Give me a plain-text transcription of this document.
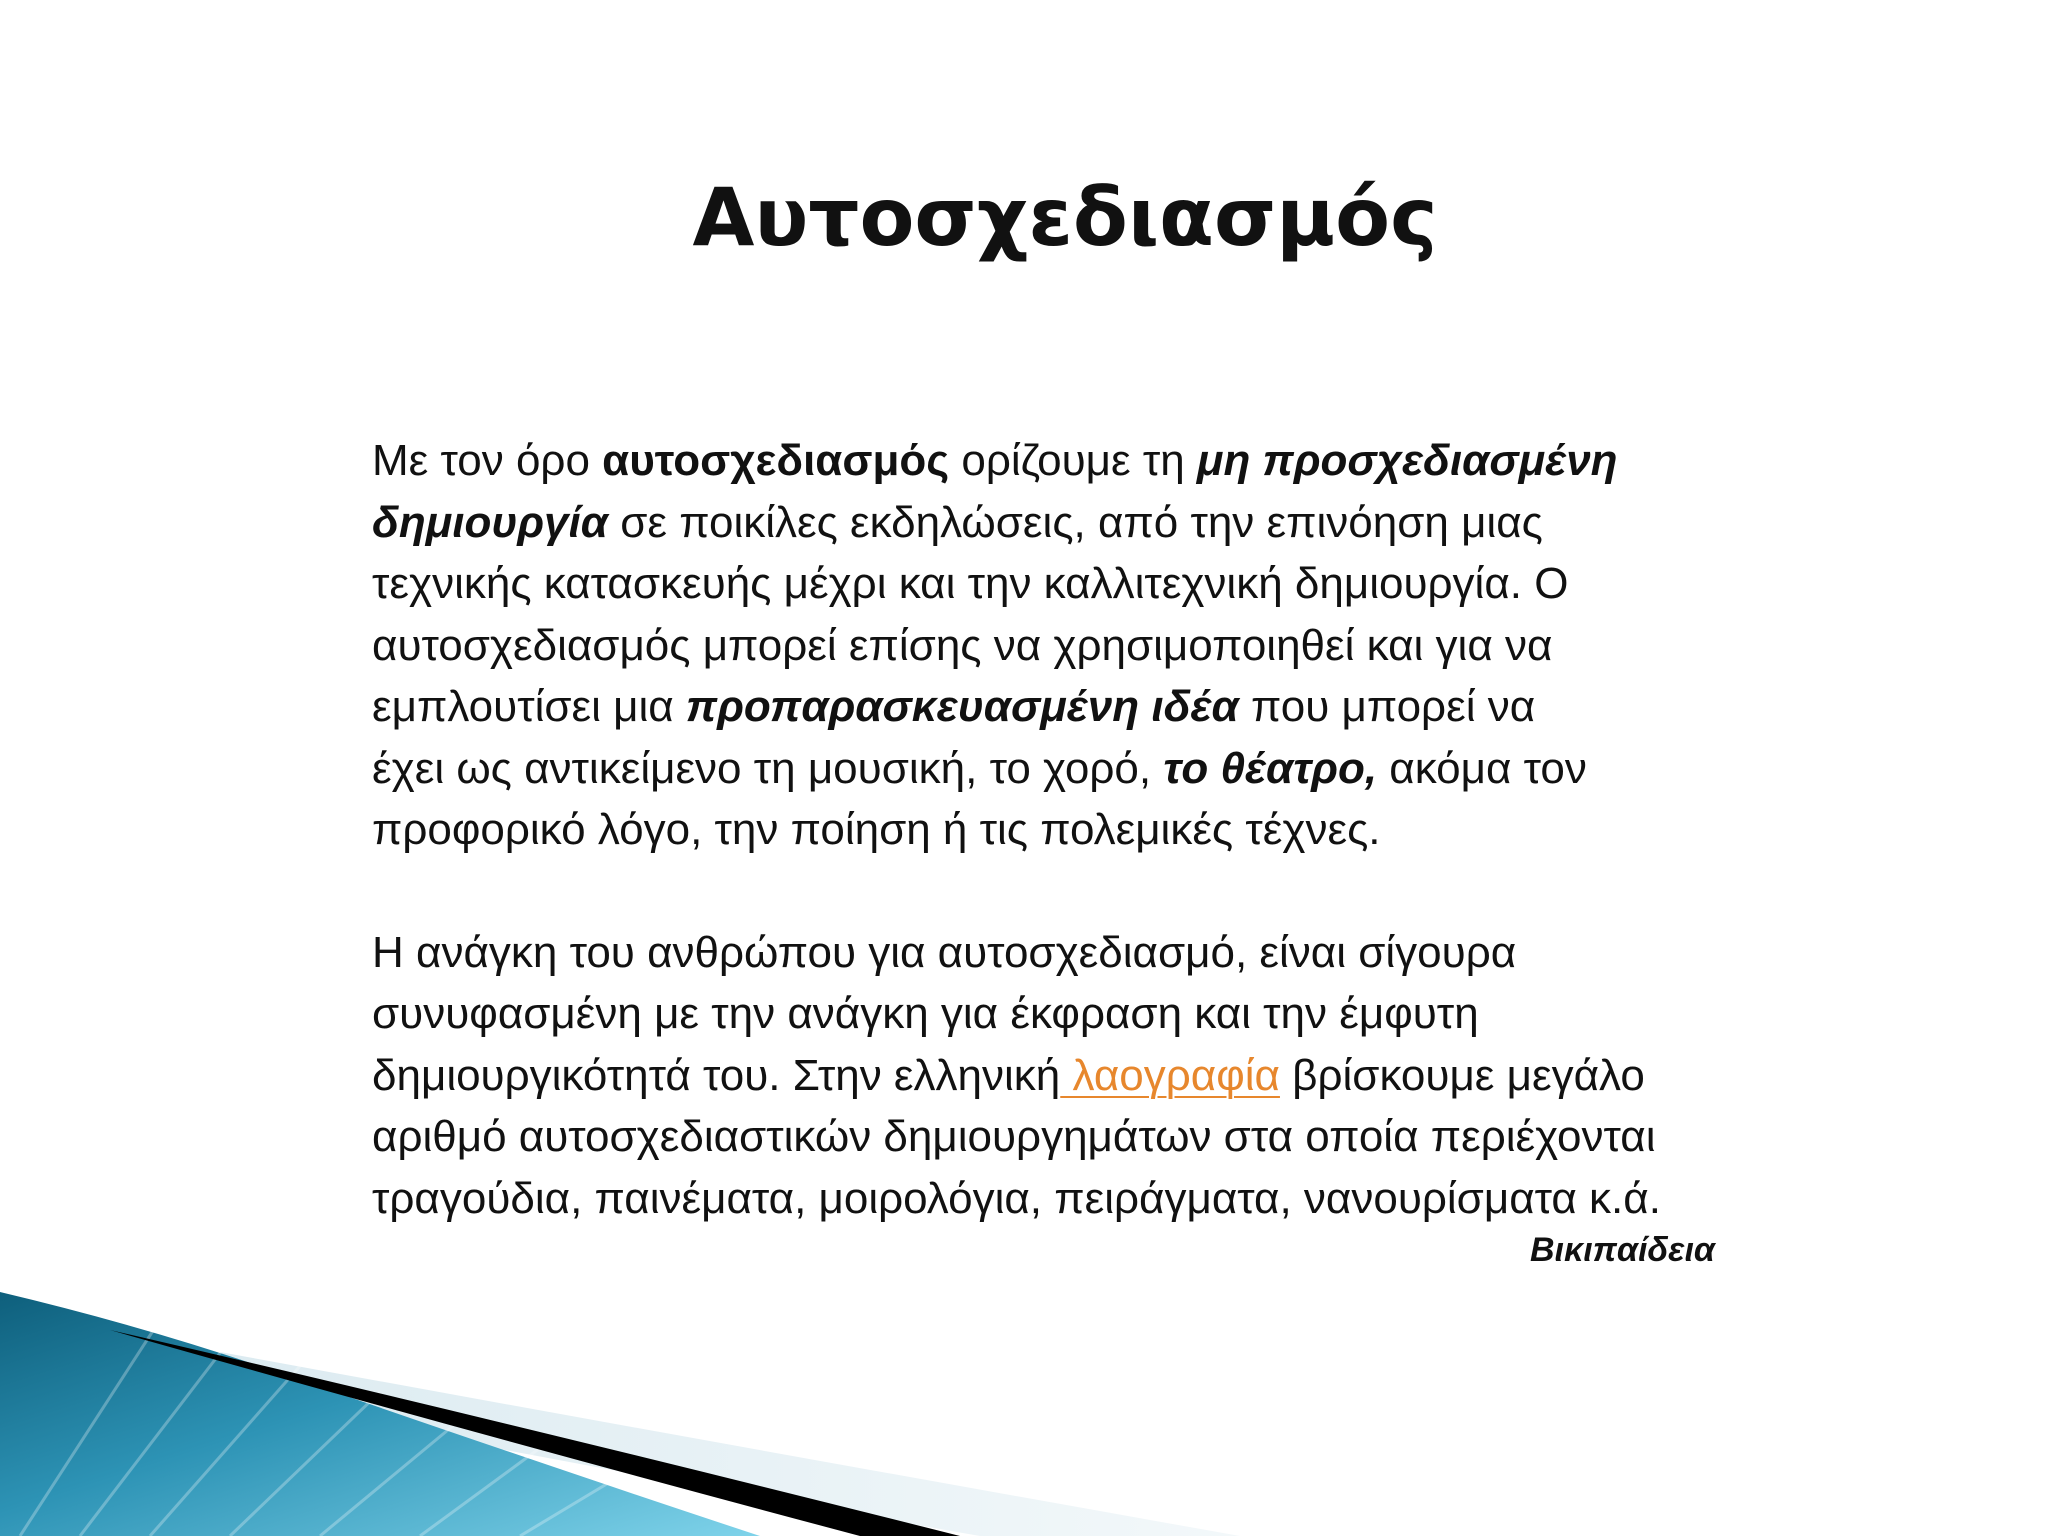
Αυτοσχεδιασμός
Με τον όρο αυτοσχεδιασμός ορίζουμε τη μη προσχεδιασμένη
δημιουργία σε ποικίλες εκδηλώσεις, από την επινόηση μιας
τεχνικής κατασκευής μέχρι και την καλλιτεχνική δημιουργία. Ο
αυτοσχεδιασμός μπορεί επίσης να χρησιμοποιηθεί και για να
εμπλουτίσει μια προπαρασκευασμένη ιδέα που μπορεί να
έχει ως αντικείμενο τη μουσική, το χορό, το θέατρο, ακόμα τον
προφορικό λόγο, την ποίηση ή τις πολεμικές τέχνες.
Η ανάγκη του ανθρώπου για αυτοσχεδιασμό, είναι σίγουρα
συνυφασμένη με την ανάγκη για έκφραση και την έμφυτη
δημιουργικότητά του. Στην ελληνική λαογραφία βρίσκουμε μεγάλο
αριθμό αυτοσχεδιαστικών δημιουργημάτων στα οποία περιέχονται
τραγούδια, παινέματα, μοιρολόγια, πειράγματα, νανουρίσματα κ.ά.
Βικιπαίδεια
